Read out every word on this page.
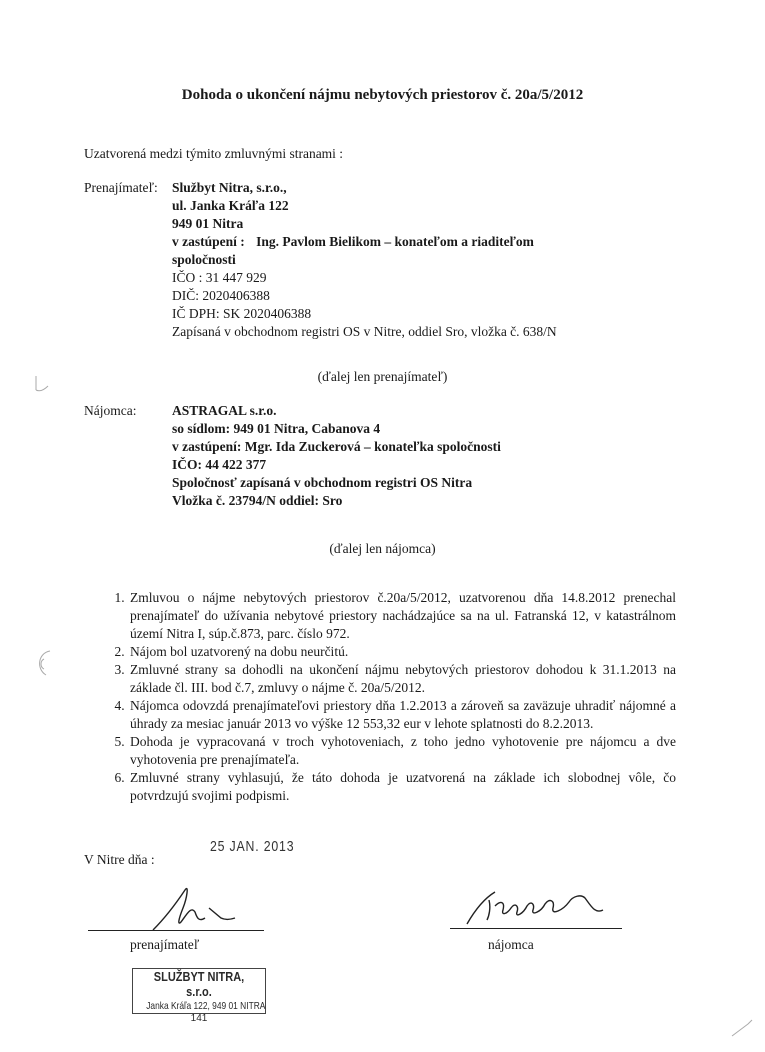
Dohoda o ukončení nájmu nebytových priestorov č. 20a/5/2012
Uzatvorená medzi týmito zmluvnými stranami :
Prenajímateľ: Službyt Nitra, s.r.o.,
ul. Janka Kráľa 122
949 01 Nitra
v zastúpení : Ing. Pavlom Bielikom – konateľom a riaditeľom
spoločnosti
IČO : 31 447 929
DIČ: 2020406388
IČ DPH: SK 2020406388
Zapísaná v obchodnom registri OS v Nitre, oddiel Sro, vložka č. 638/N
(ďalej len prenajímateľ)
Nájomca:	ASTRAGAL s.r.o.
so sídlom: 949 01 Nitra, Cabanova 4
v zastúpení: Mgr. Ida Zuckerová – konateľka spoločnosti
IČO: 44 422 377
Spoločnosť zapísaná v obchodnom registri OS Nitra
Vložka č. 23794/N oddiel: Sro
(ďalej len nájomca)
1. Zmluvou o nájme nebytových priestorov č.20a/5/2012, uzatvorenou dňa 14.8.2012 prenechal prenajímateľ do užívania nebytové priestory nachádzajúce sa na ul. Fatranská 12, v katastrálnom území Nitra I, súp.č.873, parc. číslo 972.
2. Nájom bol uzatvorený na dobu neurčitú.
3. Zmluvné strany sa dohodli na ukončení nájmu nebytových priestorov dohodou k 31.1.2013 na základe čl. III. bod č.7, zmluvy o nájme č. 20a/5/2012.
4. Nájomca odovzdá prenajímateľovi priestory dňa 1.2.2013 a zároveň sa zaväzuje uhradiť nájomné a úhrady za mesiac január 2013 vo výške 12 553,32 eur v lehote splatnosti do 8.2.2013.
5. Dohoda je vypracovaná v troch vyhotoveniach, z toho jedno vyhotovenie pre nájomcu a dve vyhotovenia pre prenajímateľa.
6. Zmluvné strany vyhlasujú, že táto dohoda je uzatvorená na základe ich slobodnej vôle, čo potvrdzujú svojimi podpismi.
V Nitre dňa :
25 JAN. 2013
prenajímateľ	nájomca
SLUŽBYT NITRA, s.r.o.
Janka Kráľa 122, 949 01 NITRA
141
